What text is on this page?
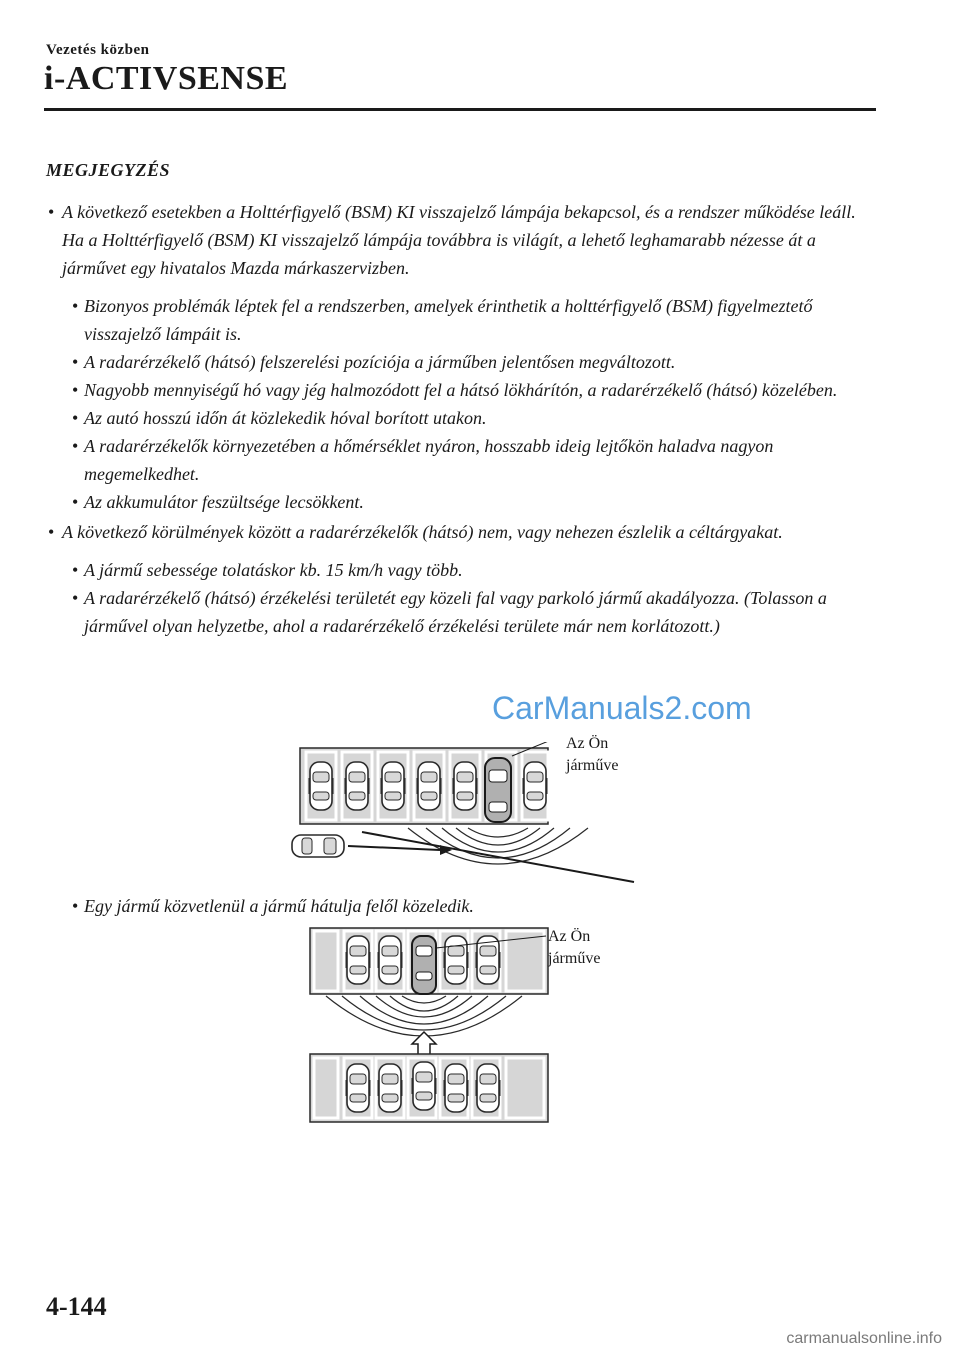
Vezetés közben
i-ACTIVSENSE
MEGJEGYZÉS
• A következő esetekben a Holttérfigyelő (BSM) KI visszajelző lámpája bekapcsol, és a rendszer működése leáll. Ha a Holttérfigyelő (BSM) KI visszajelző lámpája továbbra is világít, a lehető leghamarabb nézesse át a járművet egy hivatalos Mazda márkaszervizben.
• Bizonyos problémák léptek fel a rendszerben, amelyek érinthetik a holttérfigyelő (BSM) figyelmeztető visszajelző lámpáit is.
• A radarérzékelő (hátsó) felszerelési pozíciója a járműben jelentősen megváltozott.
• Nagyobb mennyiségű hó vagy jég halmozódott fel a hátsó lökhárítón, a radarérzékelő (hátsó) közelében.
• Az autó hosszú időn át közlekedik hóval borított utakon.
• A radarérzékelők környezetében a hőmérséklet nyáron, hosszabb ideig lejtőkön haladva nagyon megemelkedhet.
• Az akkumulátor feszültsége lecsökkent.
• A következő körülmények között a radarérzékelők (hátsó) nem, vagy nehezen észlelik a céltárgyakat.
• A jármű sebessége tolatáskor kb. 15 km/h vagy több.
• A radarérzékelő (hátsó) érzékelési területét egy közeli fal vagy parkoló jármű akadályozza. (Tolasson a járművel olyan helyzetbe, ahol a radarérzékelő érzékelési területe már nem korlátozott.)
Az Ön
járműve
• Egy jármű közvetlenül a jármű hátulja felől közeledik.
Az Ön
járműve
CarManuals2.com
4-144
carmanualsonline.info
